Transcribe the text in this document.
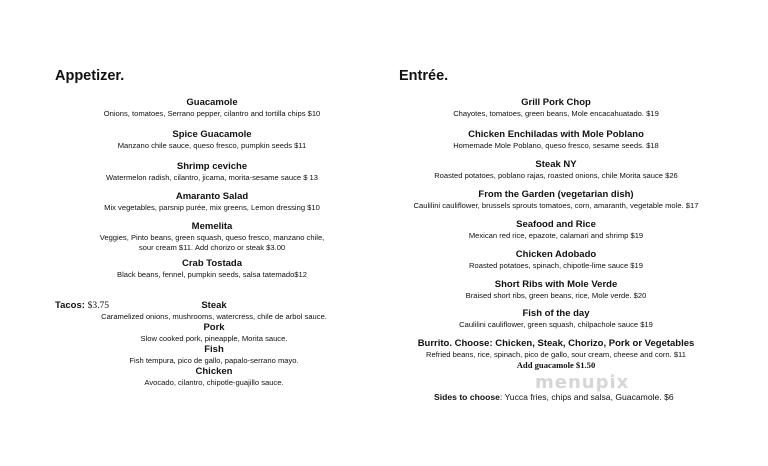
Appetizer.
Guacamole
Onions, tomatoes, Serrano pepper, cilantro and tortilla chips $10
Spice Guacamole
Manzano chile sauce, queso fresco, pumpkin seeds $11
Shrimp ceviche
Watermelon radish, cilantro, jicama, morita-sesame sauce $ 13
Amaranto Salad
Mix vegetables, parsnip purée, mix greens, Lemon dressing $10
Memelita
Veggies, Pinto beans, green squash, queso fresco, manzano chile,
sour cream $11. Add chorizo or steak $3.00
Crab Tostada
Black beans, fennel, pumpkin seeds, salsa tatemado$12
Tacos: $3.75	Steak
Caramelized onions, mushrooms, watercress, chile de arbol sauce.
Pork
Slow cooked pork, pineapple, Morita sauce.
Fish
Fish tempura, pico de gallo, papalo-serrano mayo.
Chicken
Avocado, cilantro, chipotle-guajillo sauce.
Entrée.
Grill Pork Chop
Chayotes, tomatoes, green beans, Mole encacahuatado. $19
Chicken Enchiladas with Mole Poblano
Homemade Mole Poblano, queso fresco, sesame seeds. $18
Steak NY
Roasted potatoes, poblano rajas, roasted onions, chile Morita sauce $26
From the Garden (vegetarian dish)
Caulilini cauliflower, brussels sprouts tomatoes, corn, amaranth, vegetable mole. $17
Seafood and Rice
Mexican red rice, epazote, calamari and shrimp $19
Chicken Adobado
Roasted potatoes, spinach, chipotle-lime sauce $19
Short Ribs with Mole Verde
Braised short ribs, green beans, rice, Mole verde. $20
Fish of the day
Caulilini cauliflower, green squash, chilpachole sauce $19
Burrito. Choose: Chicken, Steak, Chorizo, Pork or Vegetables
Refried beans, rice, spinach, pico de gallo, sour cream, cheese and corn. $11
Add guacamole $1.50
menupix
Sides to choose: Yucca fries, chips and salsa, Guacamole. $6
